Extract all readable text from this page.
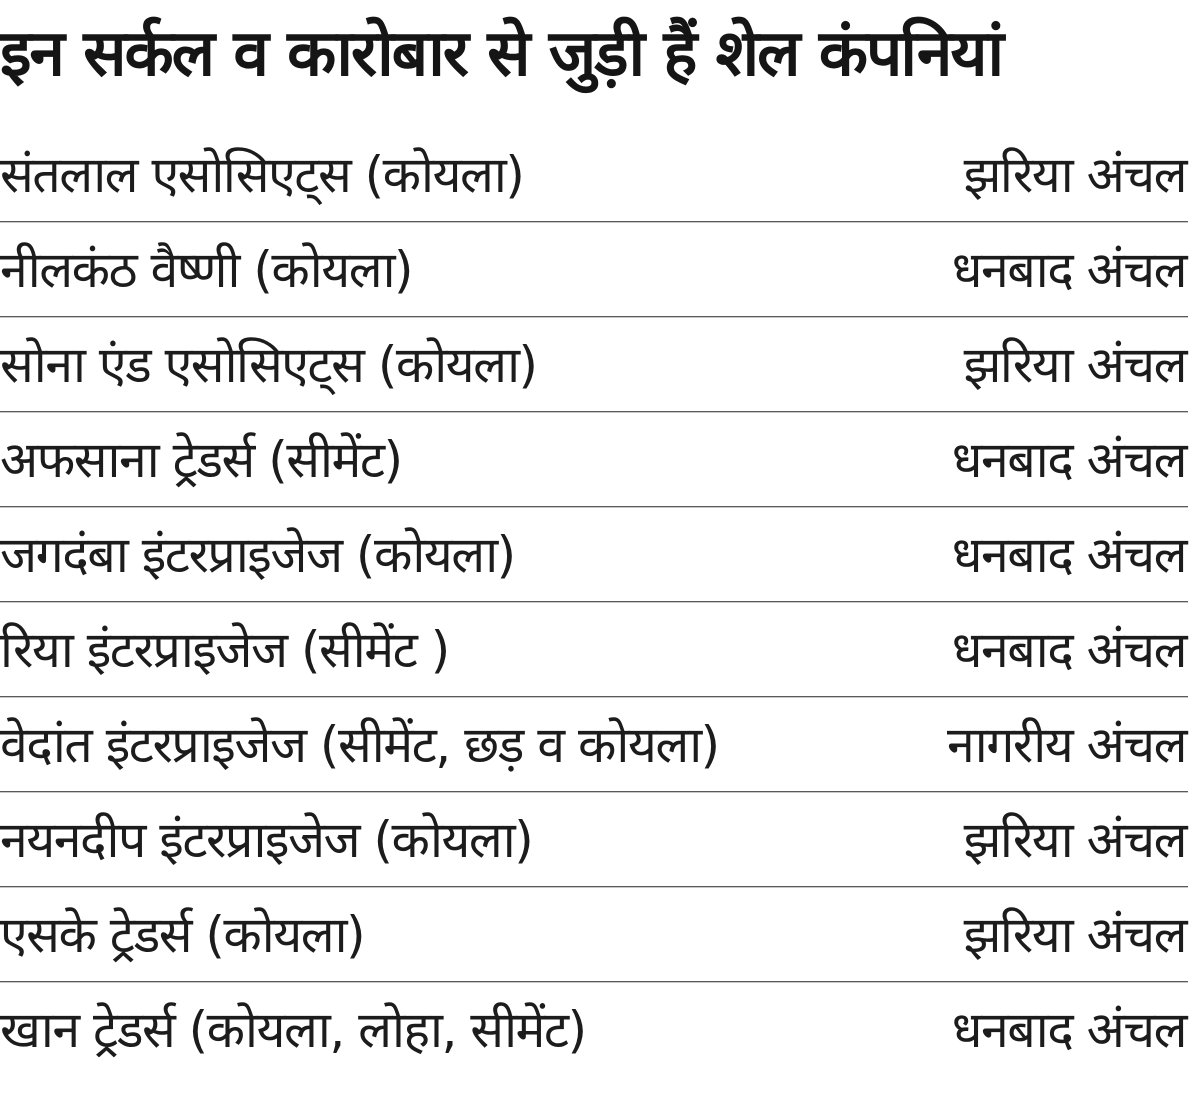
इन सर्कल व कारोबार से जुड़ी हैं शेल कंपनियां
संतलाल एसोसिएट्स (कोयला)	झरिया अंचल
नीलकंठ वैष्णी (कोयला)	धनबाद अंचल
सोना एंड एसोसिएट्स (कोयला)	झरिया अंचल
अफसाना ट्रेडर्स (सीमेंट)	धनबाद अंचल
जगदंबा इंटरप्राइजेज (कोयला)	धनबाद अंचल
रिया इंटरप्राइजेज (सीमेंट )	धनबाद अंचल
वेदांत इंटरप्राइजेज (सीमेंट, छड़ व कोयला)	नागरीय अंचल
नयनदीप इंटरप्राइजेज (कोयला)	झरिया अंचल
एसके ट्रेडर्स (कोयला)	झरिया अंचल
खान ट्रेडर्स (कोयला, लोहा, सीमेंट)	धनबाद अंचल
